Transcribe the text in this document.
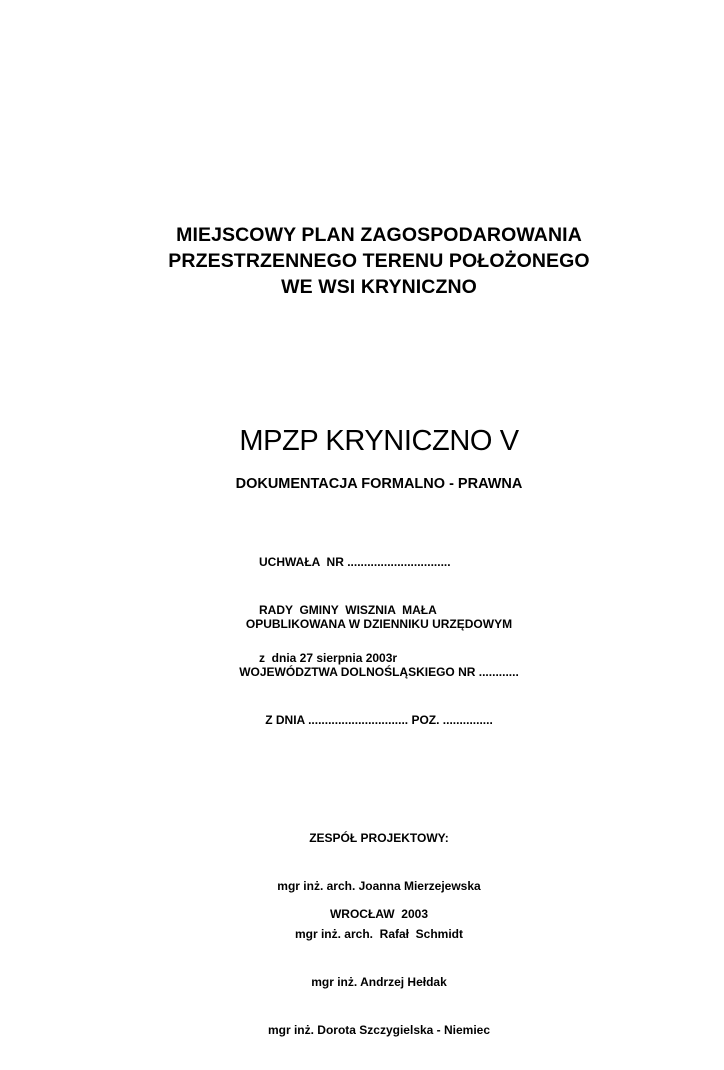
MIEJSCOWY PLAN ZAGOSPODAROWANIA
PRZESTRZENNEGO TERENU POŁOŻONEGO
WE WSI KRYNICZNO
MPZP KRYNICZNO V
DOKUMENTACJA FORMALNO - PRAWNA

UCHWAŁA  NR ...............................

RADY  GMINY  WISZNIA  MAŁA

z  dnia 27 sierpnia 2003r

OPUBLIKOWANA W DZIENNIKU URZĘDOWYM

WOJEWÓDZTWA DOLNOŚLĄSKIEGO NR ............

Z DNIA .............................. POZ. ...............

ZESPÓŁ PROJEKTOWY:

mgr inż. arch. Joanna Mierzejewska

mgr inż. arch.  Rafał  Schmidt

mgr inż. Andrzej Hełdak

mgr inż. Dorota Szczygielska - Niemiec

WROCŁAW  2003
